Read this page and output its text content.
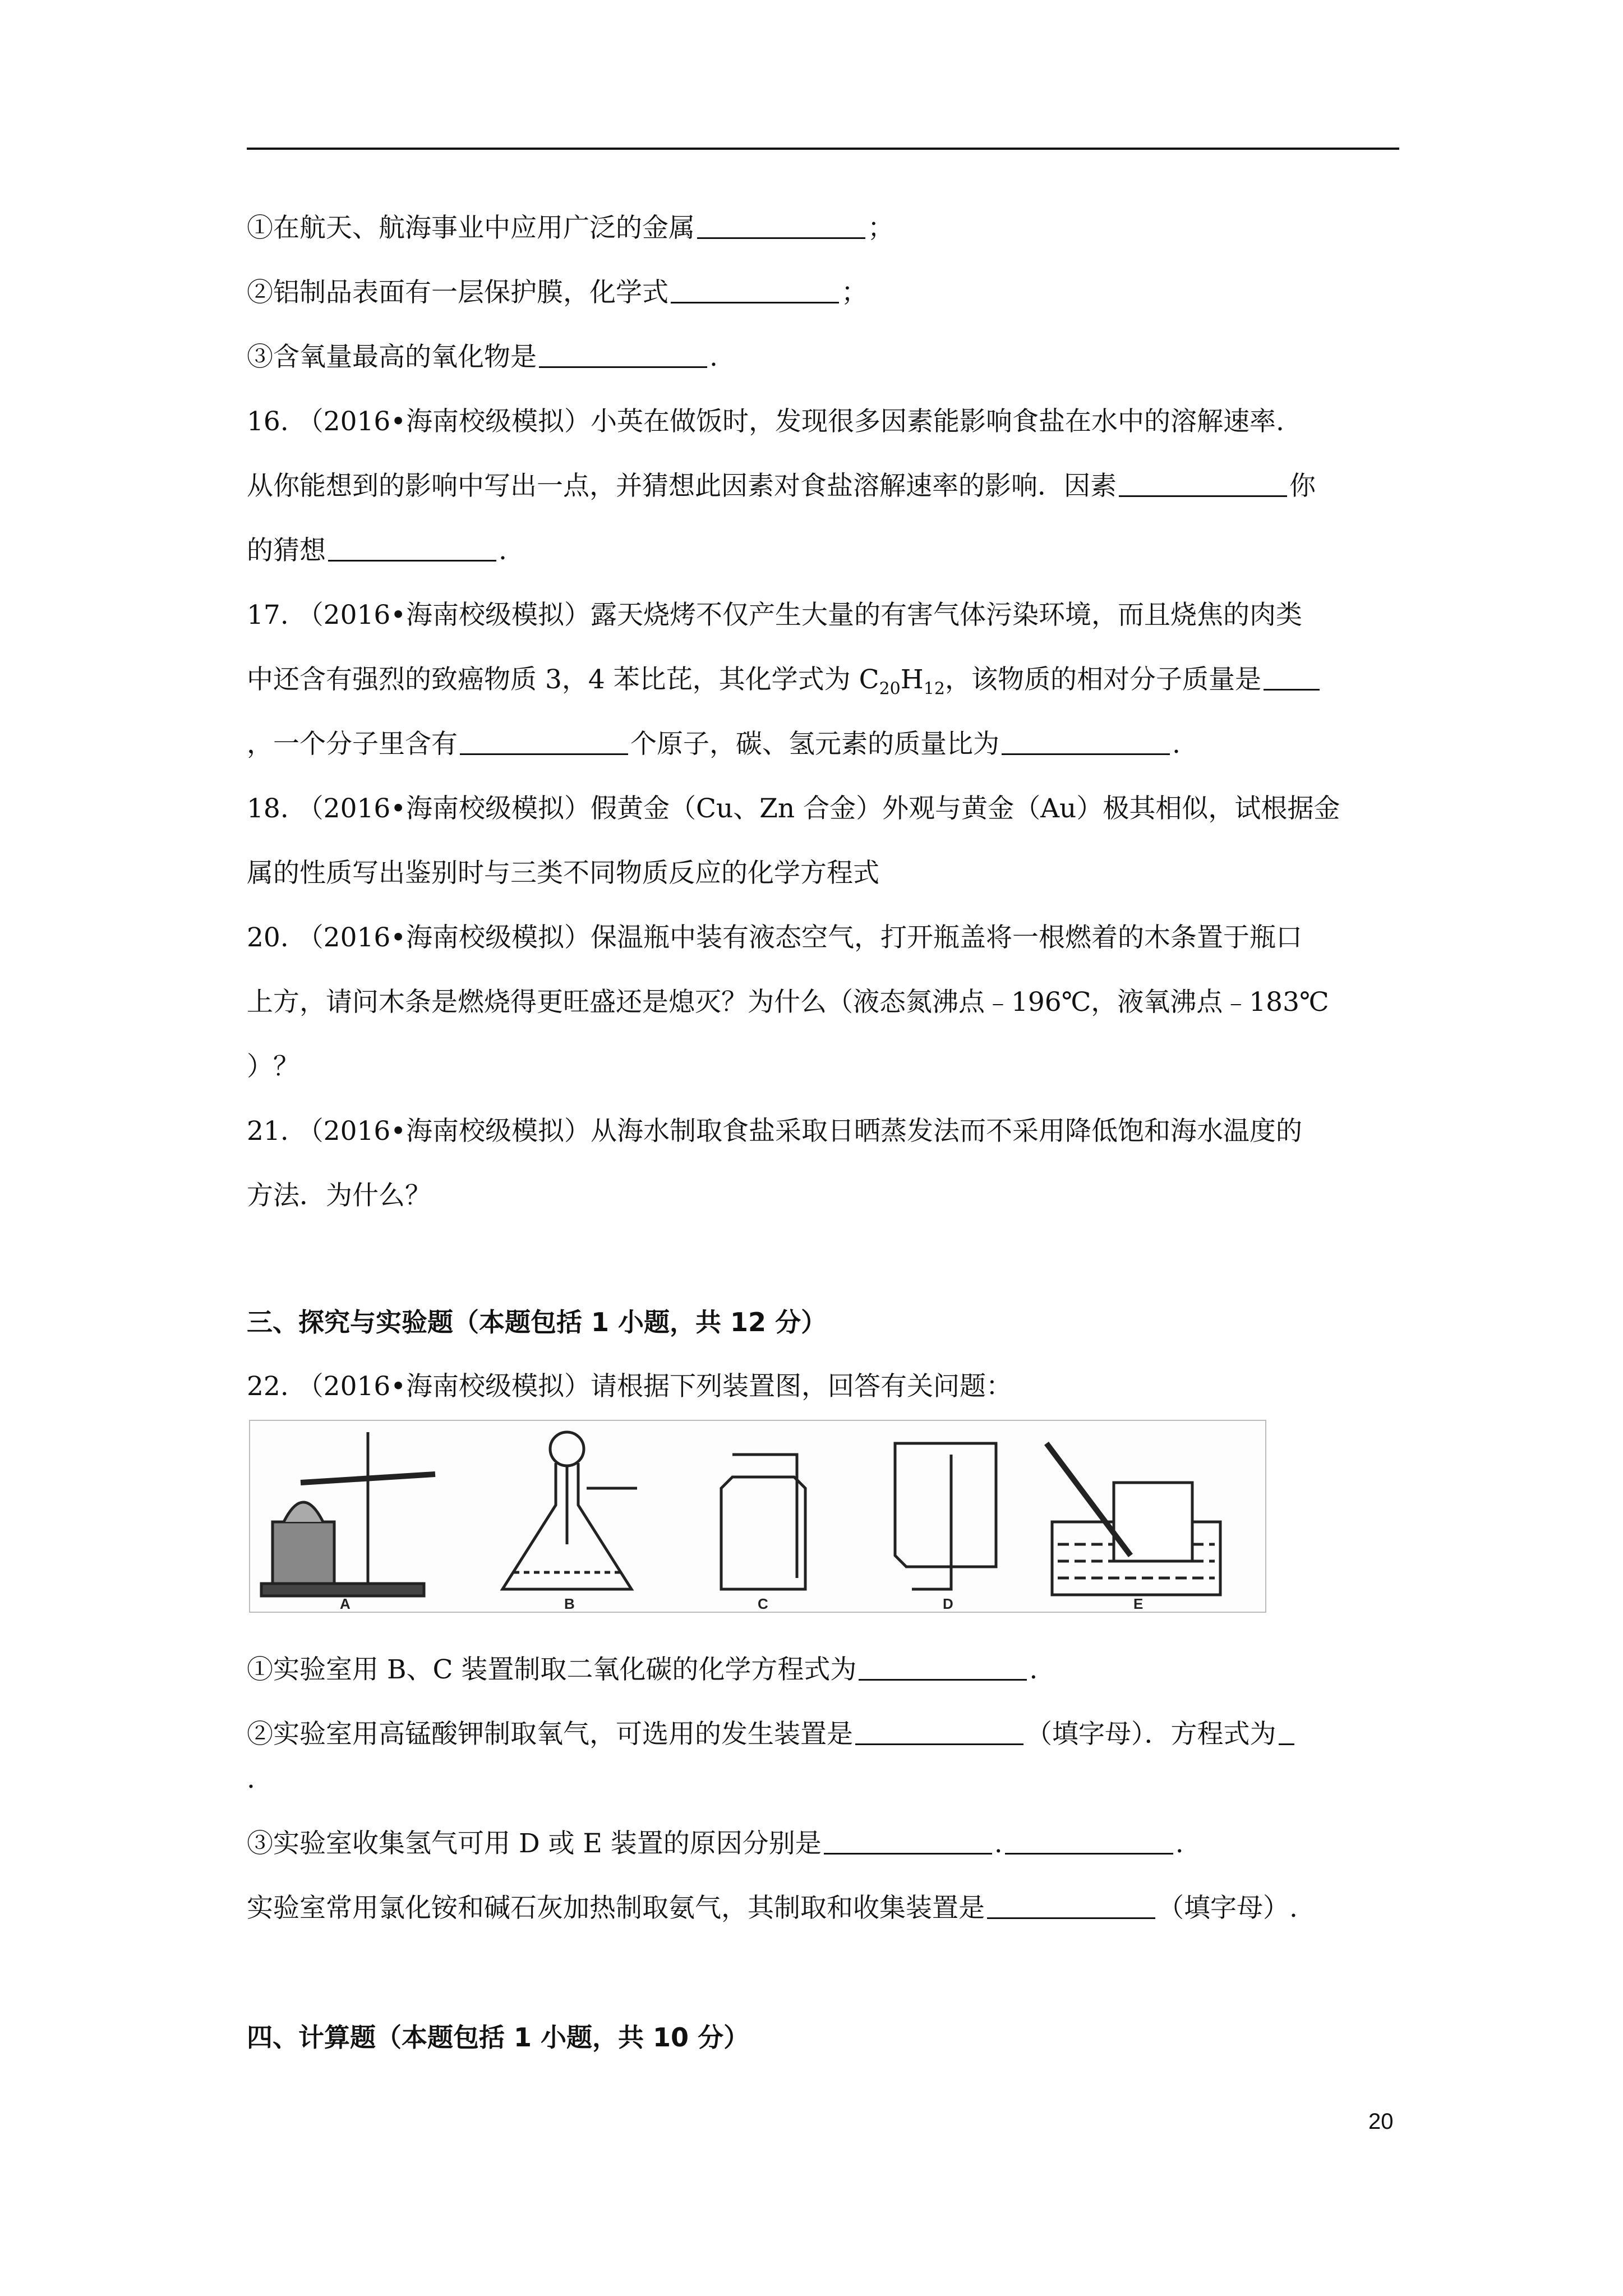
①在航天、航海事业中应用广泛的金属	；
②铝制品表面有一层保护膜，化学式	；
③含氧量最高的氧化物是	.
16. （2016•海南校级模拟）小英在做饭时，发现很多因素能影响食盐在水中的溶解速率.
从你能想到的影响中写出一点，并猜想此因素对食盐溶解速率的影响．因素	你
的猜想	.
17. （2016•海南校级模拟）露天烧烤不仅产生大量的有害气体污染环境，而且烧焦的肉类
中还含有强烈的致癌物质 3，4 苯比芘，其化学式为 $C_{20}H_{12}$，该物质的相对分子质量是
，一个分子里含有	个原子，碳、氢元素的质量比为	.
18. （2016•海南校级模拟）假黄金（Cu、Zn 合金）外观与黄金（Au）极其相似，试根据金
属的性质写出鉴别时与三类不同物质反应的化学方程式
20. （2016•海南校级模拟）保温瓶中装有液态空气，打开瓶盖将一根燃着的木条置于瓶口
上方，请问木条是燃烧得更旺盛还是熄灭？为什么（液态氮沸点﹣196℃，液氧沸点﹣183℃
）？
21. （2016•海南校级模拟）从海水制取食盐采取日晒蒸发法而不采用降低饱和海水温度的
方法．为什么？
三、探究与实验题（本题包括 1 小题，共 12 分）
22. （2016•海南校级模拟）请根据下列装置图，回答有关问题：
A	B	C	D	E
①实验室用 B、C 装置制取二氧化碳的化学方程式为	.
②实验室用高锰酸钾制取氧气，可选用的发生装置是	（填字母）．方程式为
.
③实验室收集氢气可用 D 或 E 装置的原因分别是	.	.
实验室常用氯化铵和碱石灰加热制取氨气，其制取和收集装置是	（填字母）.
四、计算题（本题包括 1 小题，共 10 分）
20
